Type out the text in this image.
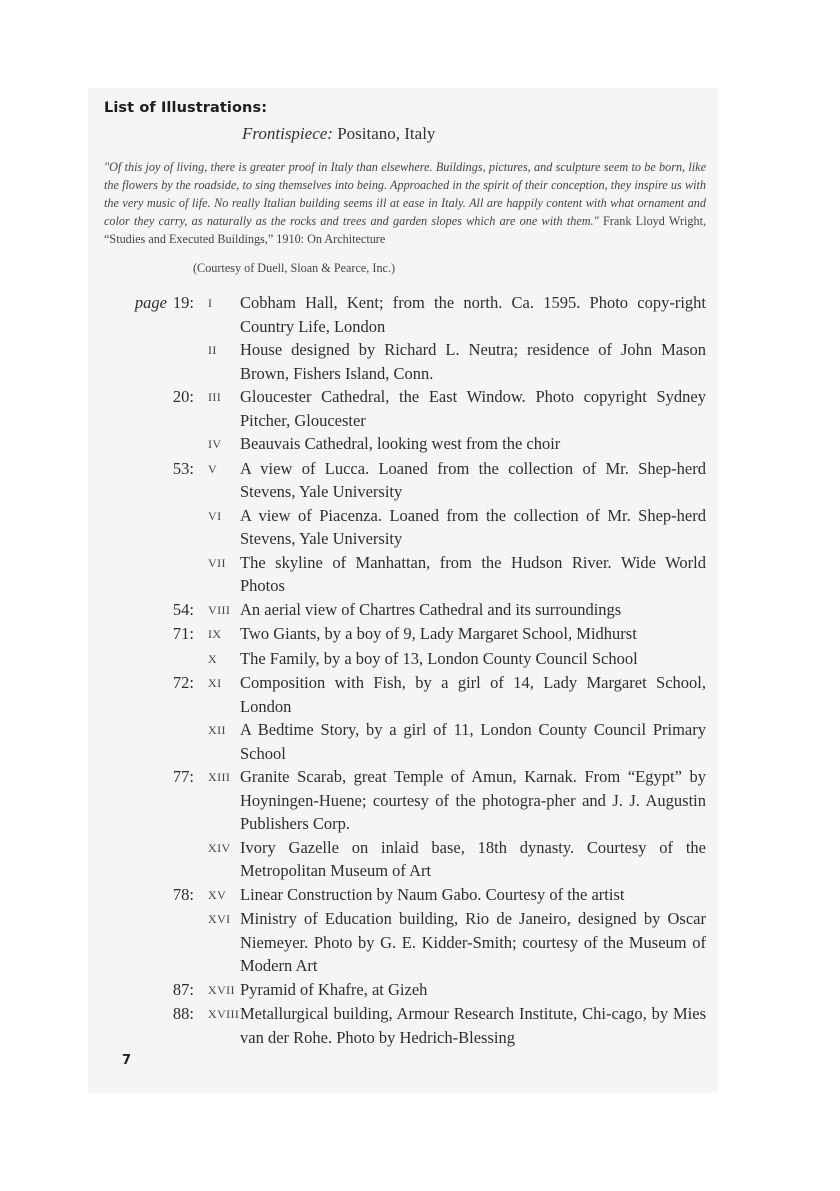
List of Illustrations:
Frontispiece: Positano, Italy
"Of this joy of living, there is greater proof in Italy than elsewhere. Buildings, pictures, and sculpture seem to be born, like the flowers by the roadside, to sing themselves into being. Approached in the spirit of their conception, they inspire us with the very music of life. No really Italian building seems ill at ease in Italy. All are happily content with what ornament and color they carry, as naturally as the rocks and trees and garden slopes which are one with them." Frank Lloyd Wright, “Studies and Executed Buildings,” 1910: On Architecture
(Courtesy of Duell, Sloan & Pearce, Inc.)
page 19:	I	Cobham Hall, Kent; from the north. Ca. 1595. Photo copy-right Country Life, London
II	House designed by Richard L. Neutra; residence of John Mason Brown, Fishers Island, Conn.
20:	III	Gloucester Cathedral, the East Window. Photo copyright Sydney Pitcher, Gloucester
IV	Beauvais Cathedral, looking west from the choir
53:	V	A view of Lucca. Loaned from the collection of Mr. Shep-herd Stevens, Yale University
VI	A view of Piacenza. Loaned from the collection of Mr. Shep-herd Stevens, Yale University
VII The skyline of Manhattan, from the Hudson River. Wide World Photos
54:	VIII An aerial view of Chartres Cathedral and its surroundings
71:	IX	Two Giants, by a boy of 9, Lady Margaret School, Midhurst
X	The Family, by a boy of 13, London County Council School
72:	XI	Composition with Fish, by a girl of 14, Lady Margaret School, London
XII A Bedtime Story, by a girl of 11, London County Council Primary School
77:	XIII Granite Scarab, great Temple of Amun, Karnak. From “Egypt” by Hoyningen-Huene; courtesy of the photogra-pher and J. J. Augustin Publishers Corp.
XIV Ivory Gazelle on inlaid base, 18th dynasty. Courtesy of the Metropolitan Museum of Art
78:	XV Linear Construction by Naum Gabo. Courtesy of the artist
XVI Ministry of Education building, Rio de Janeiro, designed by Oscar Niemeyer. Photo by G. E. Kidder-Smith; courtesy of the Museum of Modern Art
87:	XVII Pyramid of Khafre, at Gizeh
88:	XVIII Metallurgical building, Armour Research Institute, Chi-cago, by Mies van der Rohe. Photo by Hedrich-Blessing
7
